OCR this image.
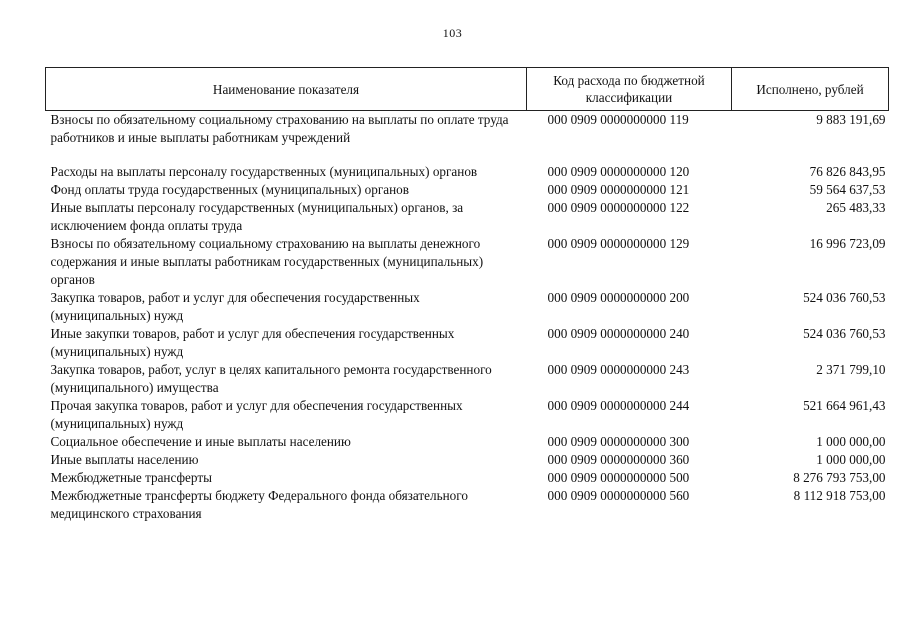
103
Наименование показателя	Код расхода по бюджетной классификации	Исполнено, рублей
Взносы по обязательному социальному страхованию на выплаты по оплате труда работников и иные выплаты работникам учреждений	000 0909 0000000000 119	9 883 191,69
Расходы на выплаты персоналу государственных (муниципальных) органов	000 0909 0000000000 120	76 826 843,95
Фонд оплаты труда государственных (муниципальных) органов	000 0909 0000000000 121	59 564 637,53
Иные выплаты персоналу государственных (муниципальных) органов, за исключением фонда оплаты труда	000 0909 0000000000 122	265 483,33
Взносы по обязательному социальному страхованию на выплаты денежного содержания и иные выплаты работникам государственных (муниципальных) органов	000 0909 0000000000 129	16 996 723,09
Закупка товаров, работ и услуг для обеспечения государственных (муниципальных) нужд	000 0909 0000000000 200	524 036 760,53
Иные закупки товаров, работ и услуг для обеспечения государственных (муниципальных) нужд	000 0909 0000000000 240	524 036 760,53
Закупка товаров, работ, услуг в целях капитального ремонта государственного (муниципального) имущества	000 0909 0000000000 243	2 371 799,10
Прочая закупка товаров, работ и услуг для обеспечения государственных (муниципальных) нужд	000 0909 0000000000 244	521 664 961,43
Социальное обеспечение и иные выплаты населению	000 0909 0000000000 300	1 000 000,00
Иные выплаты населению	000 0909 0000000000 360	1 000 000,00
Межбюджетные трансферты	000 0909 0000000000 500	8 276 793 753,00
Межбюджетные трансферты бюджету Федерального фонда обязательного медицинского страхования	000 0909 0000000000 560	8 112 918 753,00
